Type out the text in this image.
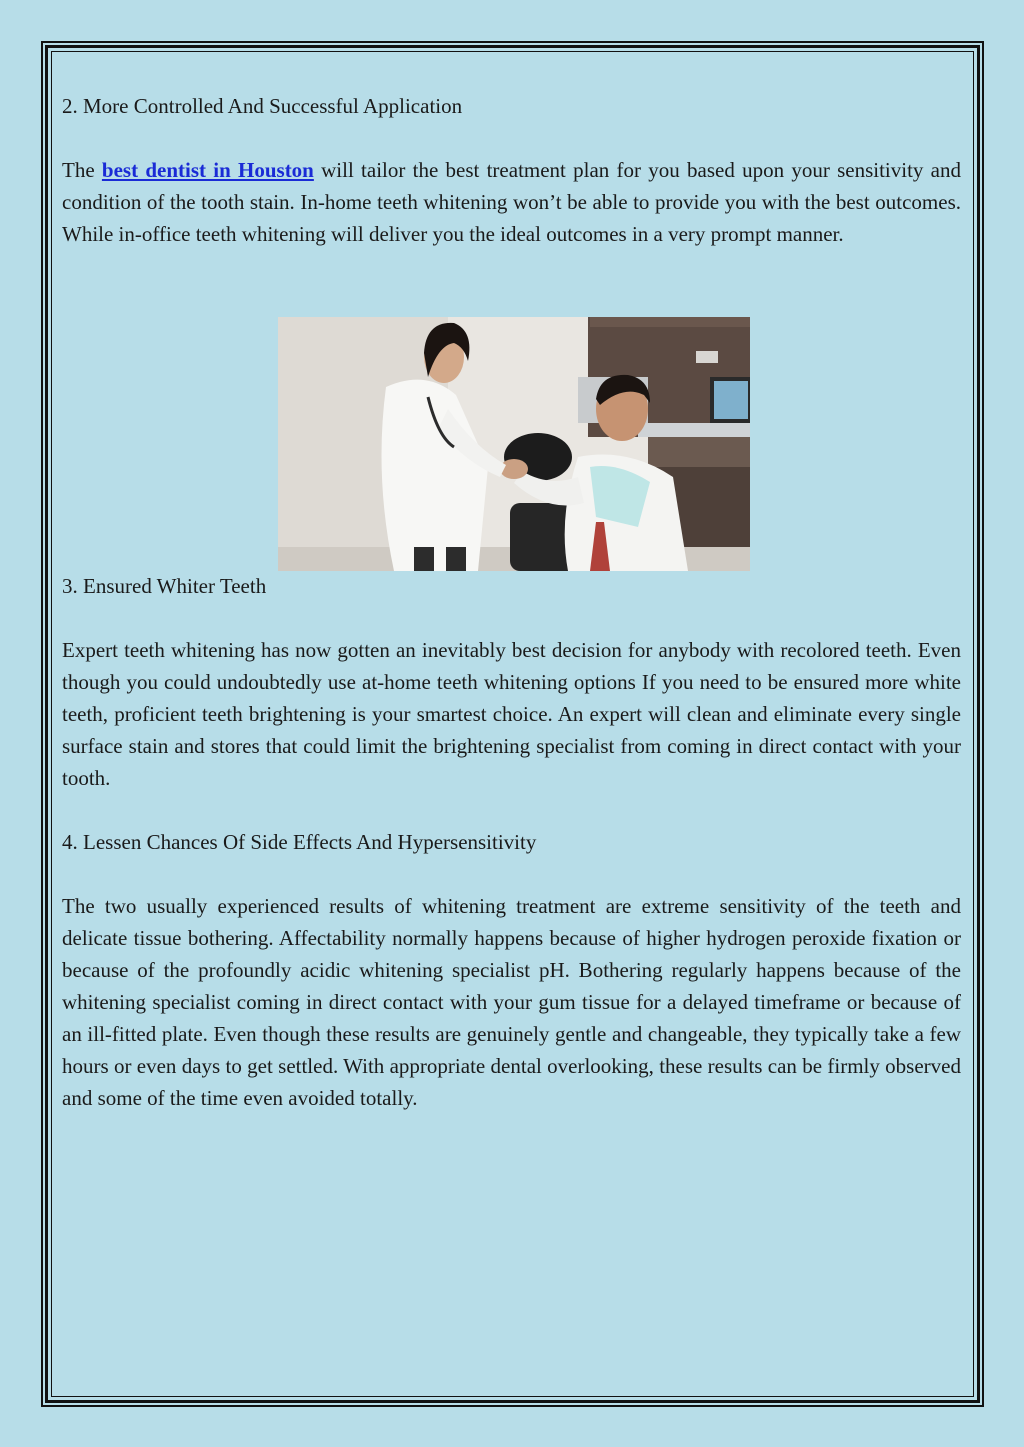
2. More Controlled And Successful Application

The best dentist in Houston will tailor the best treatment plan for you based upon your sensitivity and condition of the tooth stain. In-home teeth whitening won’t be able to provide you with the best outcomes. While in-office teeth whitening will deliver you the ideal outcomes in a very prompt manner.

3. Ensured Whiter Teeth

Expert teeth whitening has now gotten an inevitably best decision for anybody with recolored teeth. Even though you could undoubtedly use at-home teeth whitening options If you need to be ensured more white teeth, proficient teeth brightening is your smartest choice. An expert will clean and eliminate every single surface stain and stores that could limit the brightening specialist from coming in direct contact with your tooth.

4. Lessen Chances Of Side Effects And Hypersensitivity

The two usually experienced results of whitening treatment are extreme sensitivity of the teeth and delicate tissue bothering. Affectability normally happens because of higher hydrogen peroxide fixation or because of the profoundly acidic whitening specialist pH. Bothering regularly happens because of the whitening specialist coming in direct contact with your gum tissue for a delayed timeframe or because of an ill-fitted plate. Even though these results are genuinely gentle and changeable, they typically take a few hours or even days to get settled. With appropriate dental overlooking, these results can be firmly observed and some of the time even avoided totally.
